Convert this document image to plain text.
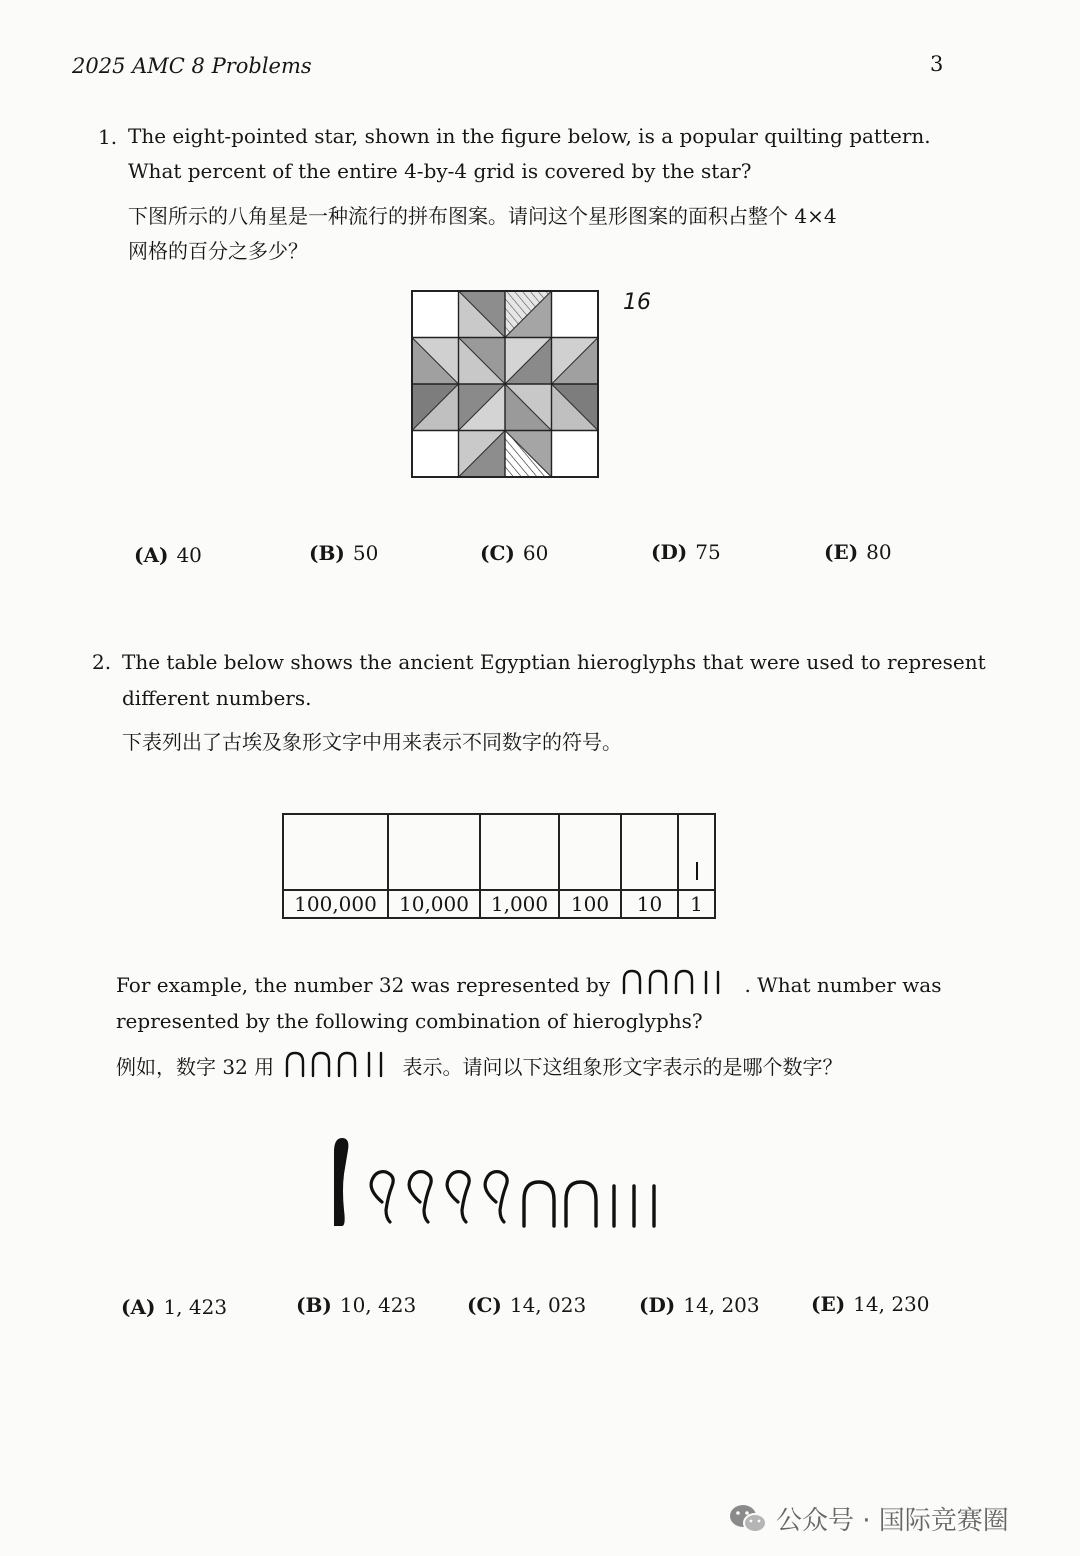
2025 AMC 8 Problems	3
1. The eight-pointed star, shown in the figure below, is a popular quilting pattern.
What percent of the entire 4-by-4 grid is covered by the star?
下图所示的八角星是一种流行的拼布图案。请问这个星形图案的面积占整个 4×4
网格的百分之多少？
16
(A) 40	(B) 50	(C) 60	(D) 75	(E) 80
2. The table below shows the ancient Egyptian hieroglyphs that were used to represent
different numbers.
下表列出了古埃及象形文字中用来表示不同数字的符号。

100,000	10,000	1,000	100	10	1
For example, the number 32 was represented by	. What number was
represented by the following combination of hieroglyphs?
例如，数字 32 用	表示。请问以下这组象形文字表示的是哪个数字？
(A) 1, 423	(B) 10, 423	(C) 14, 023	(D) 14, 203	(E) 14, 230
公众号 · 国际竞赛圈
